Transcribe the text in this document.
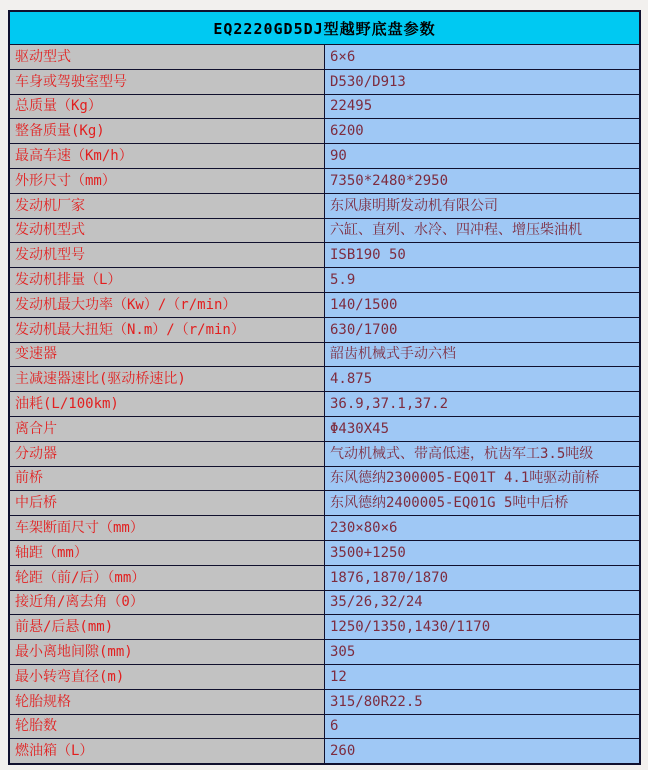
EQ2220GD5DJ型越野底盘参数	
驱动型式	6×6
车身或驾驶室型号	D530/D913
总质量（Kg）	22495
整备质量(Kg)	6200
最高车速（Km/h）	90
外形尺寸（mm）	7350*2480*2950
发动机厂家	东风康明斯发动机有限公司
发动机型式	六缸、直列、水冷、四冲程、增压柴油机
发动机型号	ISB190 50
发动机排量（L）	5.9
发动机最大功率（Kw）/（r/min）	140/1500
发动机最大扭矩（N.m）/（r/min）	630/1700
变速器	韶齿机械式手动六档
主减速器速比(驱动桥速比)	4.875
油耗(L/100km)	36.9,37.1,37.2
离合片	Φ430X45
分动器	气动机械式、带高低速，杭齿军工3.5吨级
前桥	东风德纳2300005-EQ01T 4.1吨驱动前桥
中后桥	东风德纳2400005-EQ01G 5吨中后桥
车架断面尺寸（mm）	230×80×6
轴距（mm）	3500+1250
轮距（前/后）（mm）	1876,1870/1870
接近角/离去角（0）	35/26,32/24
前悬/后悬(mm)	1250/1350,1430/1170
最小离地间隙(mm)	305
最小转弯直径(m)	12
轮胎规格	315/80R22.5
轮胎数	6
燃油箱（L）	260
